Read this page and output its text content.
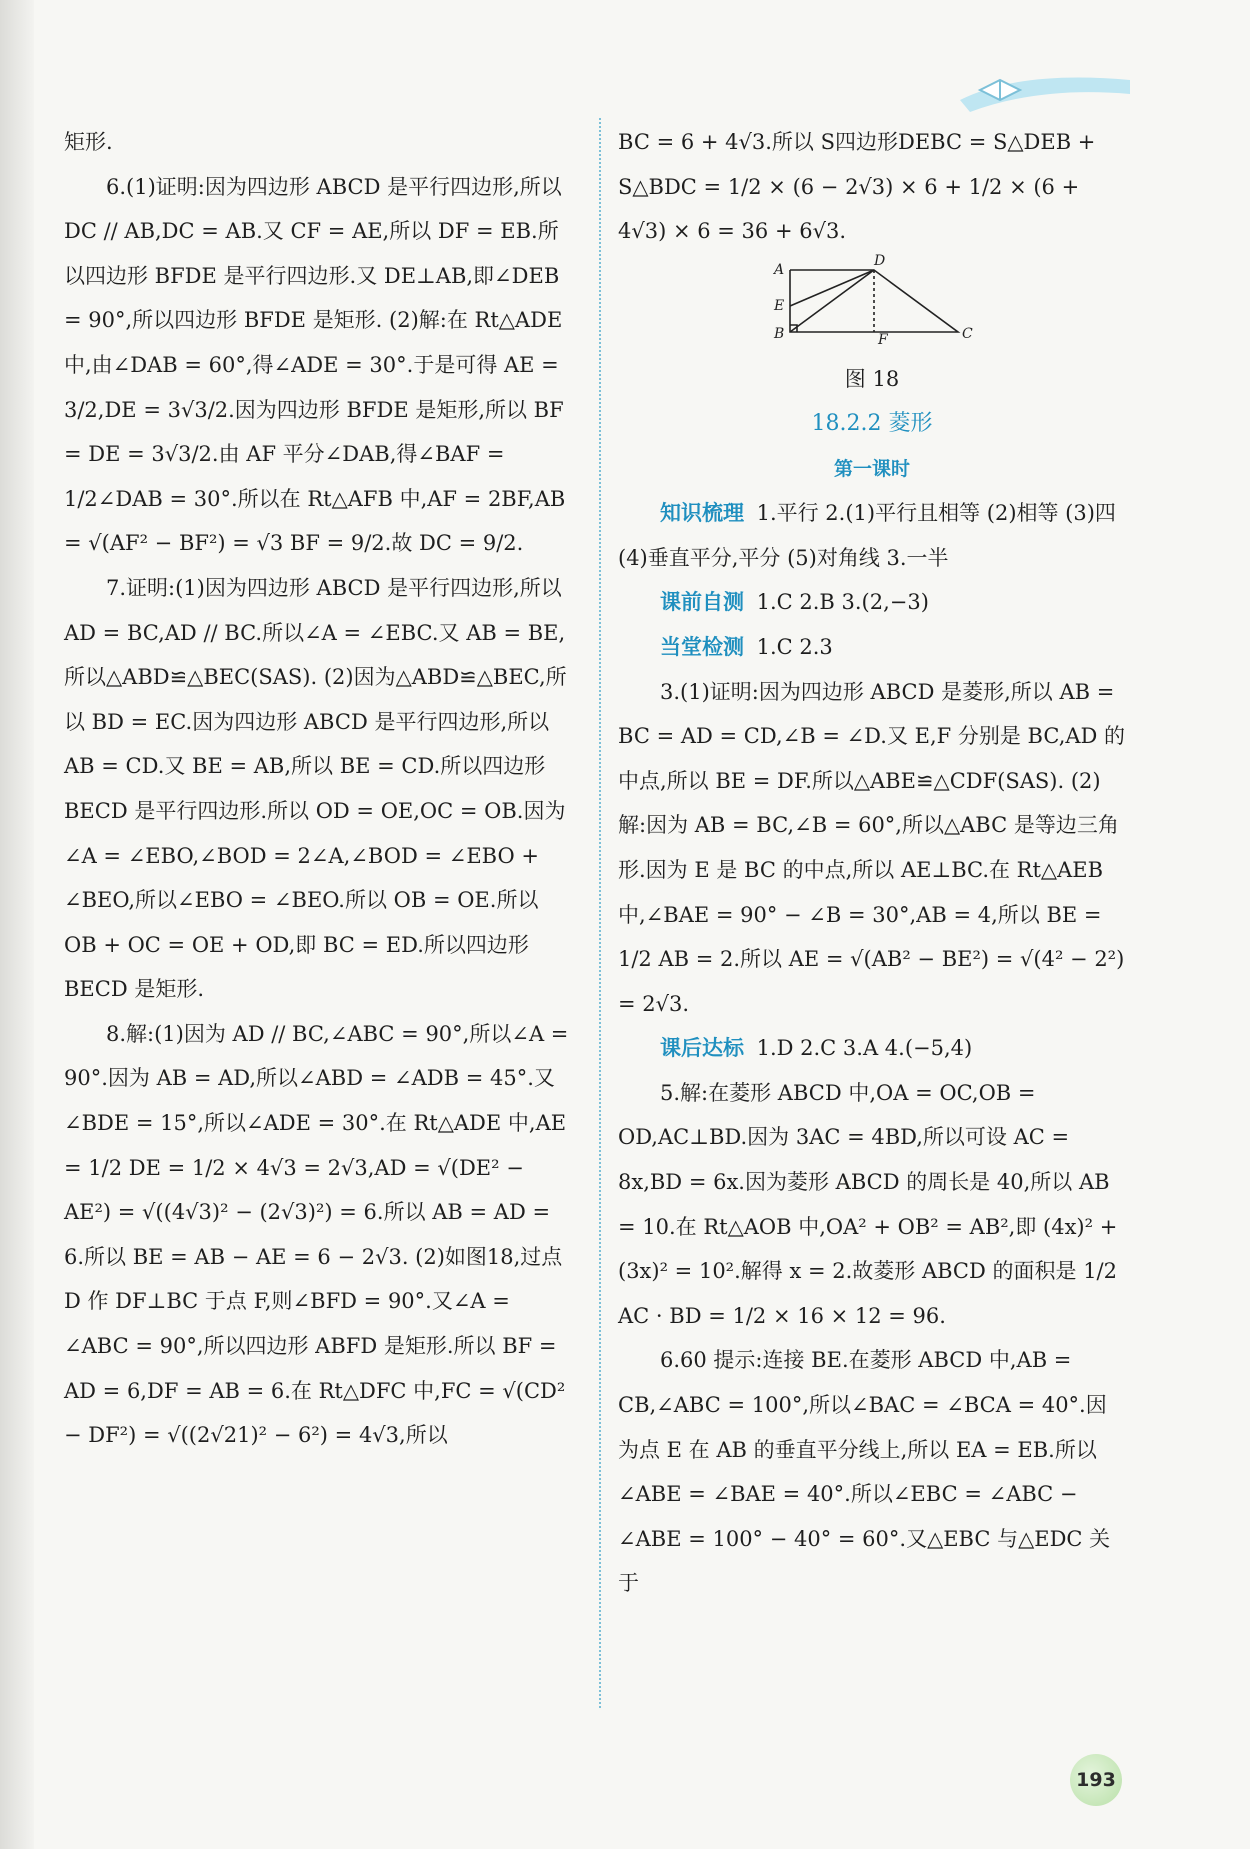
矩形.

6.(1)证明:因为四边形 ABCD 是平行四边形,所以 DC // AB,DC = AB.又 CF = AE,所以 DF = EB.所以四边形 BFDE 是平行四边形.又 DE⊥AB,即∠DEB = 90°,所以四边形 BFDE 是矩形. (2)解:在 Rt△ADE 中,由∠DAB = 60°,得∠ADE = 30°.于是可得 AE = 3/2,DE = 3√3/2.因为四边形 BFDE 是矩形,所以 BF = DE = 3√3/2.由 AF 平分∠DAB,得∠BAF = 1/2∠DAB = 30°.所以在 Rt△AFB 中,AF = 2BF,AB = √(AF² − BF²) = √3 BF = 9/2.故 DC = 9/2.

7.证明:(1)因为四边形 ABCD 是平行四边形,所以 AD = BC,AD // BC.所以∠A = ∠EBC.又 AB = BE,所以△ABD≌△BEC(SAS). (2)因为△ABD≌△BEC,所以 BD = EC.因为四边形 ABCD 是平行四边形,所以 AB = CD.又 BE = AB,所以 BE = CD.所以四边形 BECD 是平行四边形.所以 OD = OE,OC = OB.因为∠A = ∠EBO,∠BOD = 2∠A,∠BOD = ∠EBO + ∠BEO,所以∠EBO = ∠BEO.所以 OB = OE.所以 OB + OC = OE + OD,即 BC = ED.所以四边形 BECD 是矩形.

8.解:(1)因为 AD // BC,∠ABC = 90°,所以∠A = 90°.因为 AB = AD,所以∠ABD = ∠ADB = 45°.又∠BDE = 15°,所以∠ADE = 30°.在 Rt△ADE 中,AE = 1/2 DE = 1/2 × 4√3 = 2√3,AD = √(DE² − AE²) = √((4√3)² − (2√3)²) = 6.所以 AB = AD = 6.所以 BE = AB − AE = 6 − 2√3. (2)如图18,过点 D 作 DF⊥BC 于点 F,则∠BFD = 90°.又∠A = ∠ABC = 90°,所以四边形 ABFD 是矩形.所以 BF = AD = 6,DF = AB = 6.在 Rt△DFC 中,FC = √(CD² − DF²) = √((2√21)² − 6²) = 4√3,所以

BC = 6 + 4√3.所以 S四边形DEBC = S△DEB + S△BDC = 1/2 × (6 − 2√3) × 6 + 1/2 × (6 + 4√3) × 6 = 36 + 6√3.

A
D
E
B	F	C
图 18

18.2.2 菱形

第一课时

知识梳理 1.平行 2.(1)平行且相等 (2)相等 (3)四 (4)垂直平分,平分 (5)对角线 3.一半

课前自测 1.C 2.B 3.(2,−3)

当堂检测 1.C 2.3

3.(1)证明:因为四边形 ABCD 是菱形,所以 AB = BC = AD = CD,∠B = ∠D.又 E,F 分别是 BC,AD 的中点,所以 BE = DF.所以△ABE≌△CDF(SAS). (2)解:因为 AB = BC,∠B = 60°,所以△ABC 是等边三角形.因为 E 是 BC 的中点,所以 AE⊥BC.在 Rt△AEB 中,∠BAE = 90° − ∠B = 30°,AB = 4,所以 BE = 1/2 AB = 2.所以 AE = √(AB² − BE²) = √(4² − 2²) = 2√3.

课后达标 1.D 2.C 3.A 4.(−5,4)

5.解:在菱形 ABCD 中,OA = OC,OB = OD,AC⊥BD.因为 3AC = 4BD,所以可设 AC = 8x,BD = 6x.因为菱形 ABCD 的周长是 40,所以 AB = 10.在 Rt△AOB 中,OA² + OB² = AB²,即 (4x)² + (3x)² = 10².解得 x = 2.故菱形 ABCD 的面积是 1/2 AC · BD = 1/2 × 16 × 12 = 96.

6.60 提示:连接 BE.在菱形 ABCD 中,AB = CB,∠ABC = 100°,所以∠BAC = ∠BCA = 40°.因为点 E 在 AB 的垂直平分线上,所以 EA = EB.所以∠ABE = ∠BAE = 40°.所以∠EBC = ∠ABC − ∠ABE = 100° − 40° = 60°.又△EBC 与△EDC 关于

193
